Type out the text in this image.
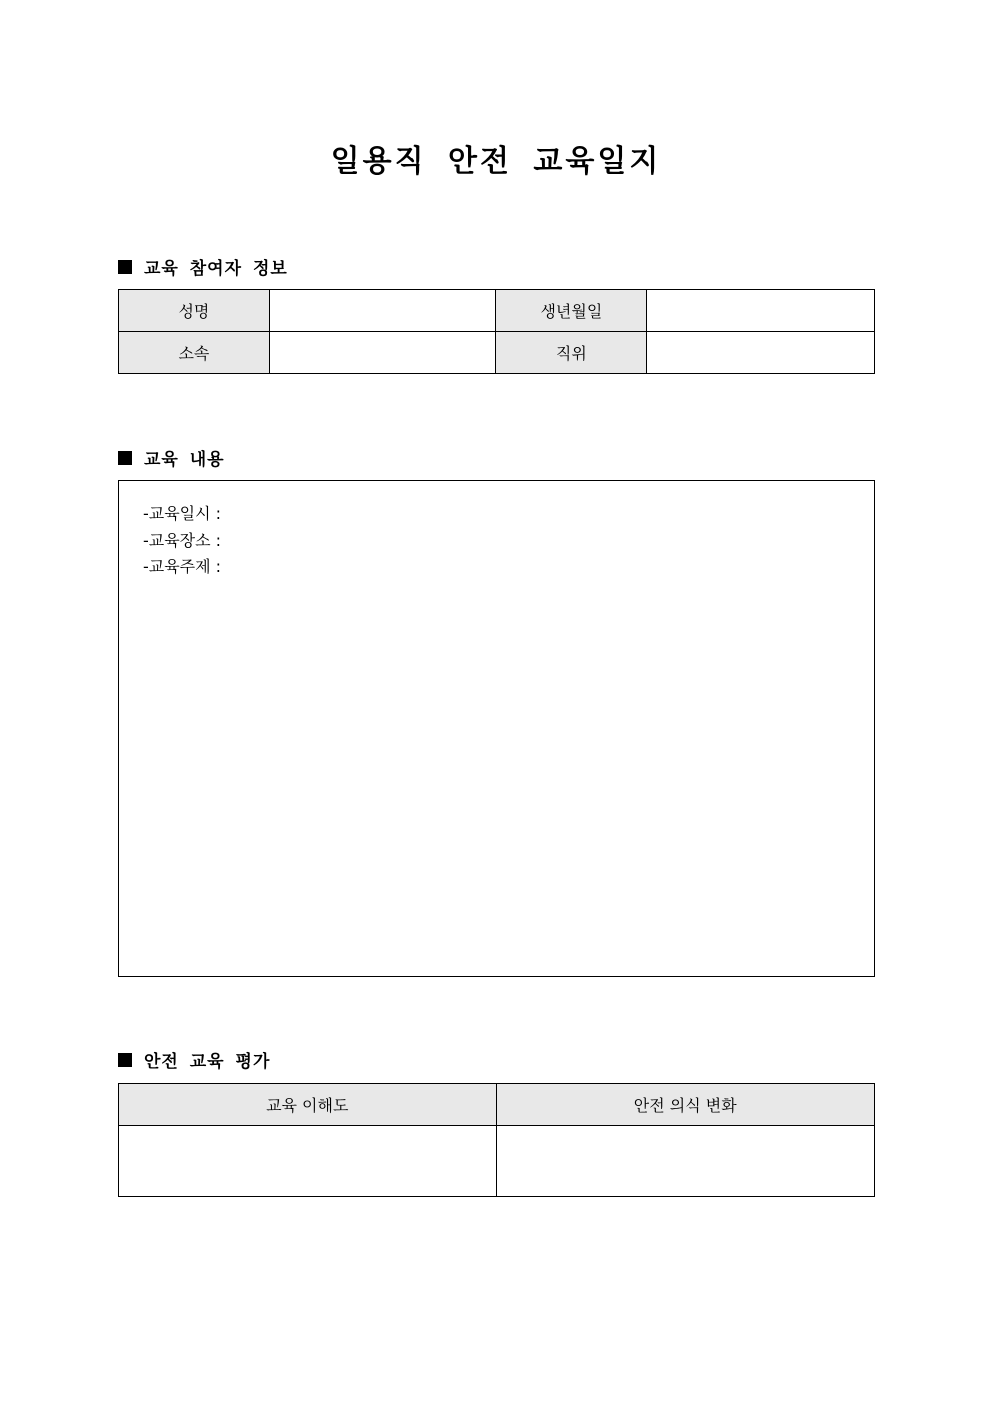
일용직 안전 교육일지
교육 참여자 정보
성명		생년월일	
소속		직위	
교육 내용
-교육일시 :
-교육장소 :
-교육주제 :
안전 교육 평가
교육 이해도	안전 의식 변화
